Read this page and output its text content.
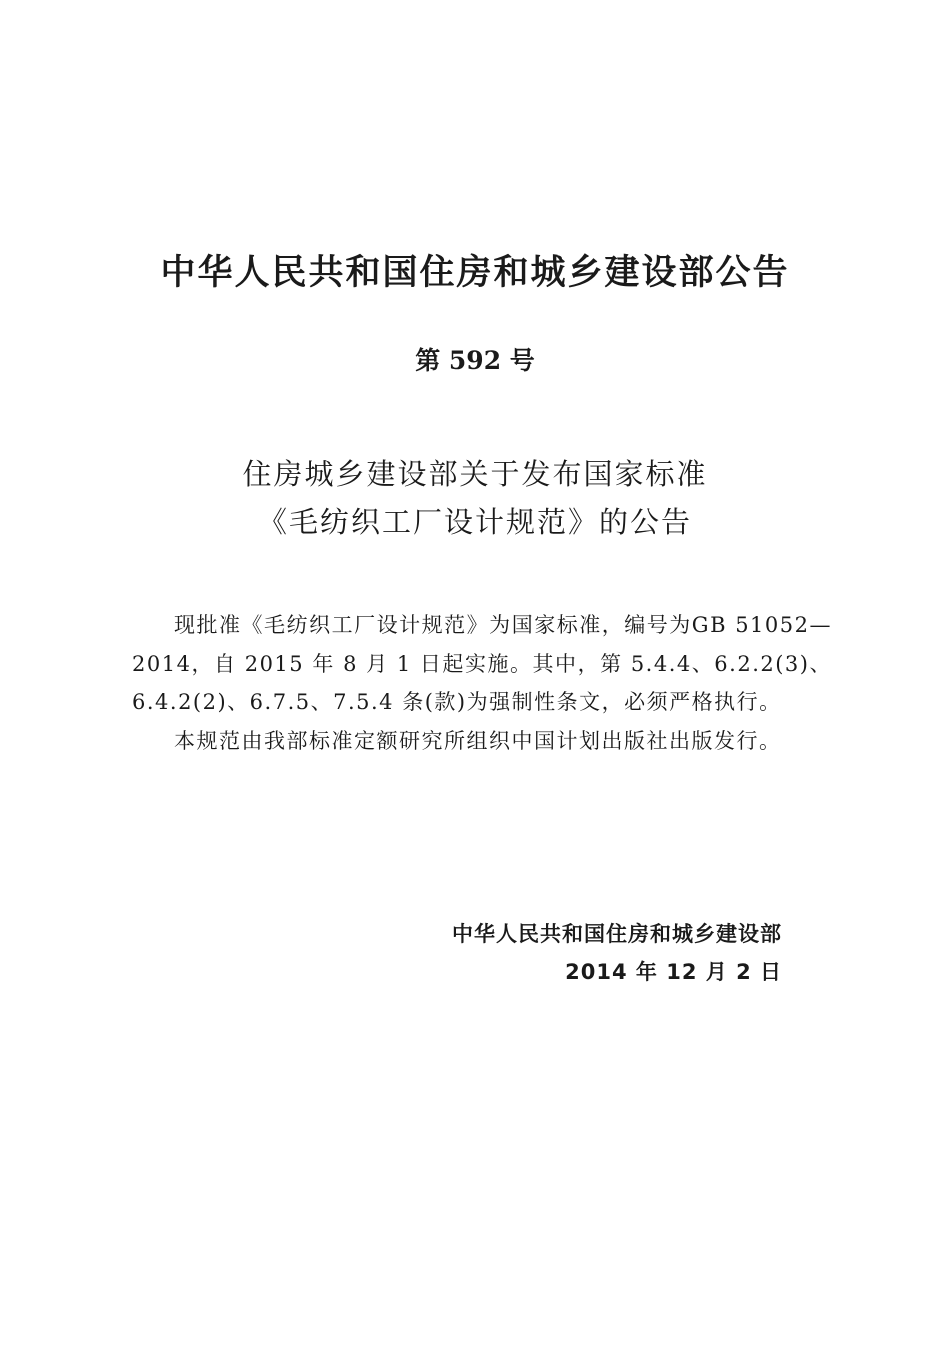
中华人民共和国住房和城乡建设部公告
第 592 号
住房城乡建设部关于发布国家标准
《毛纺织工厂设计规范》的公告

现批准《毛纺织工厂设计规范》为国家标准，编号为GB 51052—2014，自 2015 年 8 月 1 日起实施。其中，第 5.4.4、6.2.2(3)、6.4.2(2)、6.7.5、7.5.4 条(款)为强制性条文，必须严格执行。

本规范由我部标准定额研究所组织中国计划出版社出版发行。

中华人民共和国住房和城乡建设部
2014 年 12 月 2 日
